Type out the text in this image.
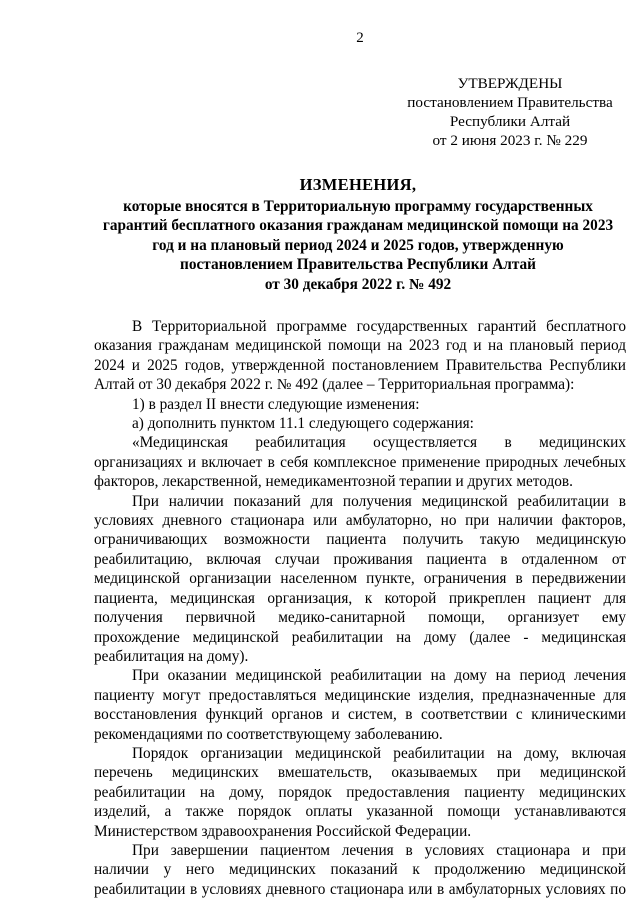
2
УТВЕРЖДЕНЫ
постановлением Правительства
Республики Алтай
от 2 июня 2023 г. № 229
ИЗМЕНЕНИЯ,
которые вносятся в Территориальную программу государственных
гарантий бесплатного оказания гражданам медицинской помощи на 2023
год и на плановый период 2024 и 2025 годов, утвержденную
постановлением Правительства Республики Алтай
от 30 декабря 2022 г. № 492
В Территориальной программе государственных гарантий бесплатного
оказания гражданам медицинской помощи на 2023 год и на плановый период
2024 и 2025 годов, утвержденной постановлением Правительства Республики
Алтай от 30 декабря 2022 г. № 492 (далее – Территориальная программа):
1) в раздел II внести следующие изменения:
а) дополнить пунктом 11.1 следующего содержания:
«Медицинская реабилитация осуществляется в медицинских
организациях и включает в себя комплексное применение природных лечебных
факторов, лекарственной, немедикаментозной терапии и других методов.
При наличии показаний для получения медицинской реабилитации в
условиях дневного стационара или амбулаторно, но при наличии факторов,
ограничивающих возможности пациента получить такую медицинскую
реабилитацию, включая случаи проживания пациента в отдаленном от
медицинской организации населенном пункте, ограничения в передвижении
пациента, медицинская организация, к которой прикреплен пациент для
получения первичной медико-санитарной помощи, организует ему
прохождение медицинской реабилитации на дому (далее - медицинская
реабилитация на дому).
При оказании медицинской реабилитации на дому на период лечения
пациенту могут предоставляться медицинские изделия, предназначенные для
восстановления функций органов и систем, в соответствии с клиническими
рекомендациями по соответствующему заболеванию.
Порядок организации медицинской реабилитации на дому, включая
перечень медицинских вмешательств, оказываемых при медицинской
реабилитации на дому, порядок предоставления пациенту медицинских
изделий, а также порядок оплаты указанной помощи устанавливаются
Министерством здравоохранения Российской Федерации.
При завершении пациентом лечения в условиях стационара и при
наличии у него медицинских показаний к продолжению медицинской
реабилитации в условиях дневного стационара или в амбулаторных условиях по
